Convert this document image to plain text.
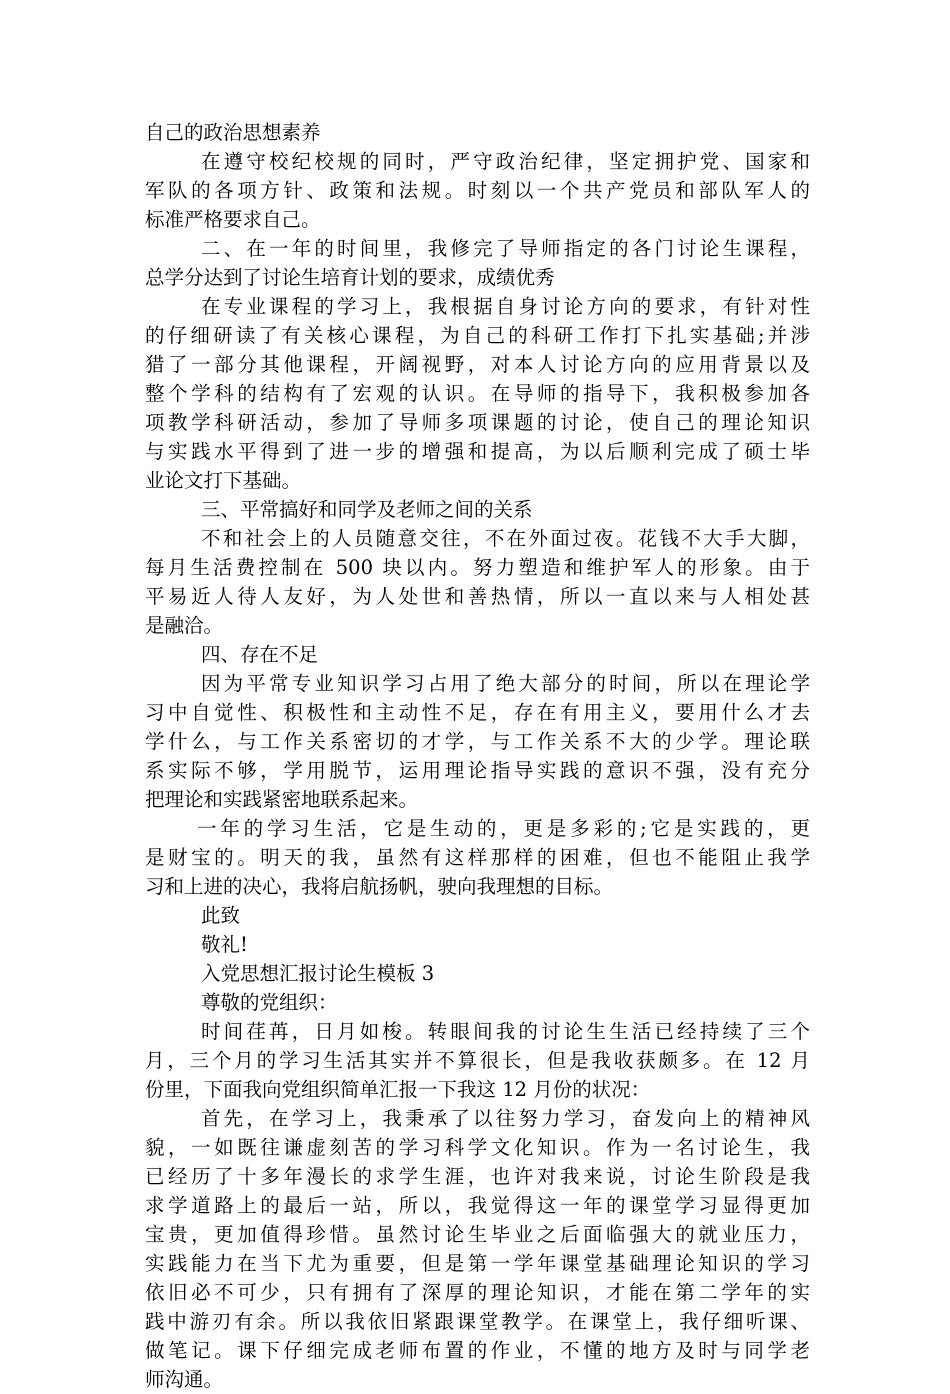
自己的政治思想素养
在遵守校纪校规的同时，严守政治纪律，坚定拥护党、国家和
军队的各项方针、政策和法规。时刻以一个共产党员和部队军人的
标准严格要求自己。
二、在一年的时间里，我修完了导师指定的各门讨论生课程，
总学分达到了讨论生培育计划的要求，成绩优秀
在专业课程的学习上，我根据自身讨论方向的要求，有针对性
的仔细研读了有关核心课程，为自己的科研工作打下扎实基础;并涉
猎了一部分其他课程，开阔视野，对本人讨论方向的应用背景以及
整个学科的结构有了宏观的认识。在导师的指导下，我积极参加各
项教学科研活动，参加了导师多项课题的讨论，使自己的理论知识
与实践水平得到了进一步的增强和提高，为以后顺利完成了硕士毕
业论文打下基础。
三、平常搞好和同学及老师之间的关系
不和社会上的人员随意交往，不在外面过夜。花钱不大手大脚，
每月生活费控制在 500 块以内。努力塑造和维护军人的形象。由于
平易近人待人友好，为人处世和善热情，所以一直以来与人相处甚
是融洽。
四、存在不足
因为平常专业知识学习占用了绝大部分的时间，所以在理论学
习中自觉性、积极性和主动性不足，存在有用主义，要用什么才去
学什么，与工作关系密切的才学，与工作关系不大的少学。理论联
系实际不够，学用脱节，运用理论指导实践的意识不强，没有充分
把理论和实践紧密地联系起来。
一年的学习生活，它是生动的，更是多彩的;它是实践的，更
是财宝的。明天的我，虽然有这样那样的困难，但也不能阻止我学
习和上进的决心，我将启航扬帆，驶向我理想的目标。
此致
敬礼!
入党思想汇报讨论生模板 3
尊敬的党组织：
时间荏苒，日月如梭。转眼间我的讨论生生活已经持续了三个
月，三个月的学习生活其实并不算很长，但是我收获颇多。在 12 月
份里，下面我向党组织简单汇报一下我这 12 月份的状况：
首先，在学习上，我秉承了以往努力学习，奋发向上的精神风
貌，一如既往谦虚刻苦的学习科学文化知识。作为一名讨论生，我
已经历了十多年漫长的求学生涯，也许对我来说，讨论生阶段是我
求学道路上的最后一站，所以，我觉得这一年的课堂学习显得更加
宝贵，更加值得珍惜。虽然讨论生毕业之后面临强大的就业压力，
实践能力在当下尤为重要，但是第一学年课堂基础理论知识的学习
依旧必不可少，只有拥有了深厚的理论知识，才能在第二学年的实
践中游刃有余。所以我依旧紧跟课堂教学。在课堂上，我仔细听课、
做笔记。课下仔细完成老师布置的作业，不懂的地方及时与同学老
师沟通。
